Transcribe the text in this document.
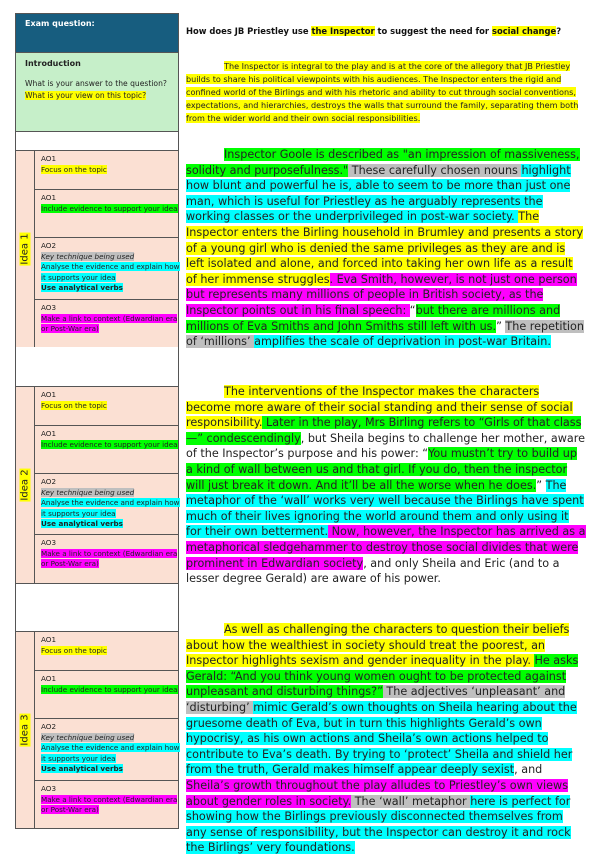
Exam question:
Introduction
What is your answer to the question?
What is your view on this topic?
Idea 1
AO1
Focus on the topic
AO1
Include evidence to support your idea
AO2
Key technique being used
Analyse the evidence and explain how it supports your idea
Use analytical verbs
AO3
Make a link to context (Edwardian era or Post-War era)
Idea 2
AO1
Focus on the topic
AO1
Include evidence to support your idea
AO2
Key technique being used
Analyse the evidence and explain how it supports your idea
Use analytical verbs
AO3
Make a link to context (Edwardian era or Post-War era)
Idea 3
AO1
Focus on the topic
AO1
Include evidence to support your idea
AO2
Key technique being used
Analyse the evidence and explain how it supports your idea
Use analytical verbs
AO3
Make a link to context (Edwardian era or Post-War era)
How does JB Priestley use the Inspector to suggest the need for social change?
The Inspector is integral to the play and is at the core of the allegory that JB Priestley builds to share his political viewpoints with his audiences. The Inspector enters the rigid and confined world of the Birlings and with his rhetoric and ability to cut through social conventions, expectations, and hierarchies, destroys the walls that surround the family, separating them both from the wider world and their own social responsibilities.
Inspector Goole is described as "an impression of massiveness, solidity and purposefulness." These carefully chosen nouns highlight how blunt and powerful he is, able to seem to be more than just one man, which is useful for Priestley as he arguably represents the working classes or the underprivileged in post-war society. The Inspector enters the Birling household in Brumley and presents a story of a young girl who is denied the same privileges as they are and is left isolated and alone, and forced into taking her own life as a result of her immense struggles. Eva Smith, however, is not just one person but represents many millions of people in British society, as the Inspector points out in his final speech: “but there are millions and millions of Eva Smiths and John Smiths still left with us.” The repetition of ‘millions’ amplifies the scale of deprivation in post-war Britain.
The interventions of the Inspector makes the characters become more aware of their social standing and their sense of social responsibility. Later in the play, Mrs Birling refers to “Girls of that class—” condescendingly, but Sheila begins to challenge her mother, aware of the Inspector’s purpose and his power: “You mustn’t try to build up a kind of wall between us and that girl. If you do, then the inspector will just break it down. And it’ll be all the worse when he does.” The metaphor of the ‘wall’ works very well because the Birlings have spent much of their lives ignoring the world around them and only using it for their own betterment. Now, however, the Inspector has arrived as a metaphorical sledgehammer to destroy those social divides that were prominent in Edwardian society, and only Sheila and Eric (and to a lesser degree Gerald) are aware of his power.
As well as challenging the characters to question their beliefs about how the wealthiest in society should treat the poorest, an Inspector highlights sexism and gender inequality in the play. He asks Gerald: “And you think young women ought to be protected against unpleasant and disturbing things?” The adjectives ‘unpleasant’ and ‘disturbing’ mimic Gerald’s own thoughts on Sheila hearing about the gruesome death of Eva, but in turn this highlights Gerald’s own hypocrisy, as his own actions and Sheila’s own actions helped to contribute to Eva’s death. By trying to ‘protect’ Sheila and shield her from the truth, Gerald makes himself appear deeply sexist, and Sheila’s growth throughout the play alludes to Priestley’s own views about gender roles in society. The ‘wall’ metaphor here is perfect for showing how the Birlings previously disconnected themselves from any sense of responsibility, but the Inspector can destroy it and rock the Birlings’ very foundations.
